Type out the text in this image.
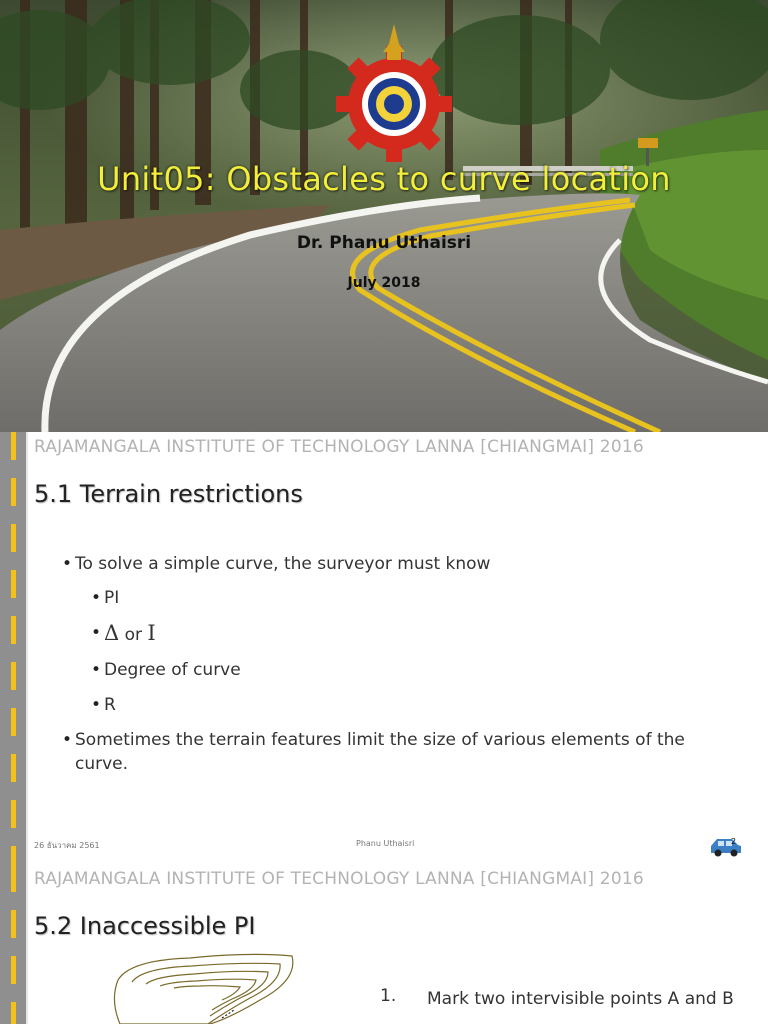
Unit05: Obstacles to curve location
Dr. Phanu Uthaisri
July 2018
RAJAMANGALA INSTITUTE OF TECHNOLOGY LANNA [CHIANGMAI] 2016
5.1 Terrain restrictions
• To solve a simple curve, the surveyor must know
• PI
• Δ or I
• Degree of curve
• R
• Sometimes the terrain features limit the size of various elements of the curve.
26 ธันวาคม 2561	Phanu Uthaisri	2
RAJAMANGALA INSTITUTE OF TECHNOLOGY LANNA [CHIANGMAI] 2016
5.2 Inaccessible PI
1. Mark two intervisible points A and B
